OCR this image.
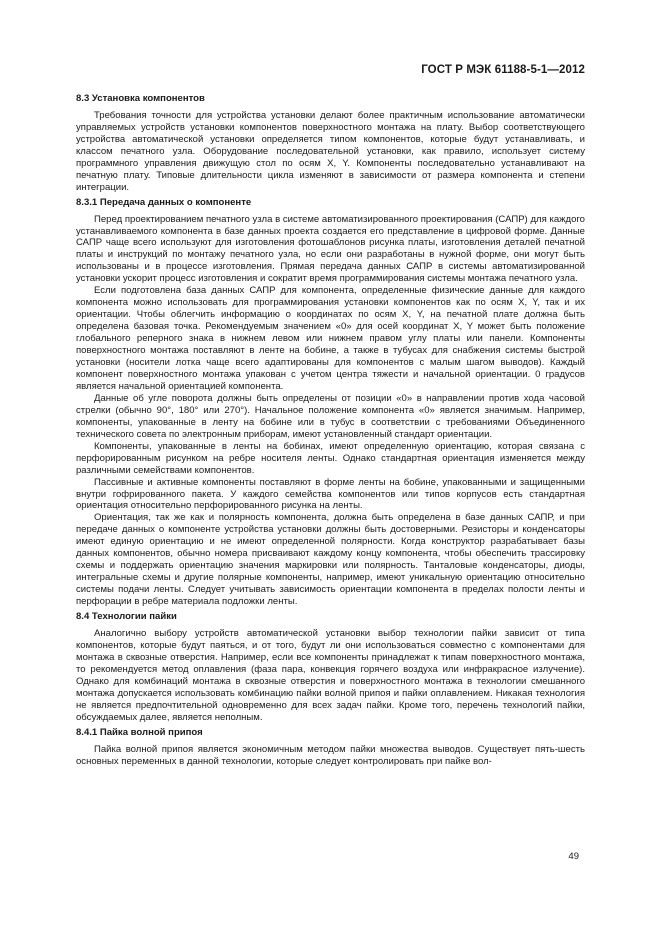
ГОСТ Р МЭК 61188-5-1—2012
8.3 Установка компонентов

Требования точности для устройства установки делают более практичным использование автоматически управляемых устройств установки компонентов поверхностного монтажа на плату. Выбор соответствующего устройства автоматической установки определяется типом компонентов, которые будут устанавливать, и классом печатного узла. Оборудование последовательной установки, как правило, использует систему программного управления движущую стол по осям X, Y. Компоненты последовательно устанавливают на печатную плату. Типовые длительности цикла изменяют в зависимости от размера компонента и степени интеграции.

8.3.1 Передача данных о компоненте

Перед проектированием печатного узла в системе автоматизированного проектирования (САПР) для каждого устанавливаемого компонента в базе данных проекта создается его представление в цифровой форме. Данные САПР чаще всего используют для изготовления фотошаблонов рисунка платы, изготовления деталей печатной платы и инструкций по монтажу печатного узла, но если они разработаны в нужной форме, они могут быть использованы и в процессе изготовления. Прямая передача данных САПР в системы автоматизированной установки ускорит процесс изготовления и сократит время программирования системы монтажа печатного узла.

Если подготовлена база данных САПР для компонента, определенные физические данные для каждого компонента можно использовать для программирования установки компонентов как по осям X, Y, так и их ориентации. Чтобы облегчить информацию о координатах по осям X, Y, на печатной плате должна быть определена базовая точка. Рекомендуемым значением «0» для осей координат X, Y может быть положение глобального реперного знака в нижнем левом или нижнем правом углу платы или панели. Компоненты поверхностного монтажа поставляют в ленте на бобине, а также в тубусах для снабжения системы быстрой установки (носители лотка чаще всего адаптированы для компонентов с малым шагом выводов). Каждый компонент поверхностного монтажа упакован с учетом центра тяжести и начальной ориентации. 0 градусов является начальной ориентацией компонента.

Данные об угле поворота должны быть определены от позиции «0» в направлении против хода часовой стрелки (обычно 90°, 180° или 270°). Начальное положение компонента «0» является значимым. Например, компоненты, упакованные в ленту на бобине или в тубус в соответствии с требованиями Объединенного технического совета по электронным приборам, имеют установленный стандарт ориентации.

Компоненты, упакованные в ленты на бобинах, имеют определенную ориентацию, которая связана с перфорированным рисунком на ребре носителя ленты. Однако стандартная ориентация изменяется между различными семействами компонентов.

Пассивные и активные компоненты поставляют в форме ленты на бобине, упакованными и защищенными внутри гофрированного пакета. У каждого семейства компонентов или типов корпусов есть стандартная ориентация относительно перфорированного рисунка на ленты.

Ориентация, так же как и полярность компонента, должна быть определена в базе данных САПР, и при передаче данных о компоненте устройства установки должны быть достоверными. Резисторы и конденсаторы имеют единую ориентацию и не имеют определенной полярности. Когда конструктор разрабатывает базы данных компонентов, обычно номера присваивают каждому концу компонента, чтобы обеспечить трассировку схемы и поддержать ориентацию значения маркировки или полярность. Танталовые конденсаторы, диоды, интегральные схемы и другие полярные компоненты, например, имеют уникальную ориентацию относительно системы подачи ленты. Следует учитывать зависимость ориентации компонента в пределах полости ленты и перфорации в ребре материала подложки ленты.

8.4 Технологии пайки

Аналогично выбору устройств автоматической установки выбор технологии пайки зависит от типа компонентов, которые будут паяться, и от того, будут ли они использоваться совместно с компонентами для монтажа в сквозные отверстия. Например, если все компоненты принадлежат к типам поверхностного монтажа, то рекомендуется метод оплавления (фаза пара, конвекция горячего воздуха или инфракрасное излучение). Однако для комбинаций монтажа в сквозные отверстия и поверхностного монтажа в технологии смешанного монтажа допускается использовать комбинацию пайки волной припоя и пайки оплавлением. Никакая технология не является предпочтительной одновременно для всех задач пайки. Кроме того, перечень технологий пайки, обсуждаемых далее, является неполным.

8.4.1 Пайка волной припоя

Пайка волной припоя является экономичным методом пайки множества выводов. Существует пять-шесть основных переменных в данной технологии, которые следует контролировать при пайке вол-

49
